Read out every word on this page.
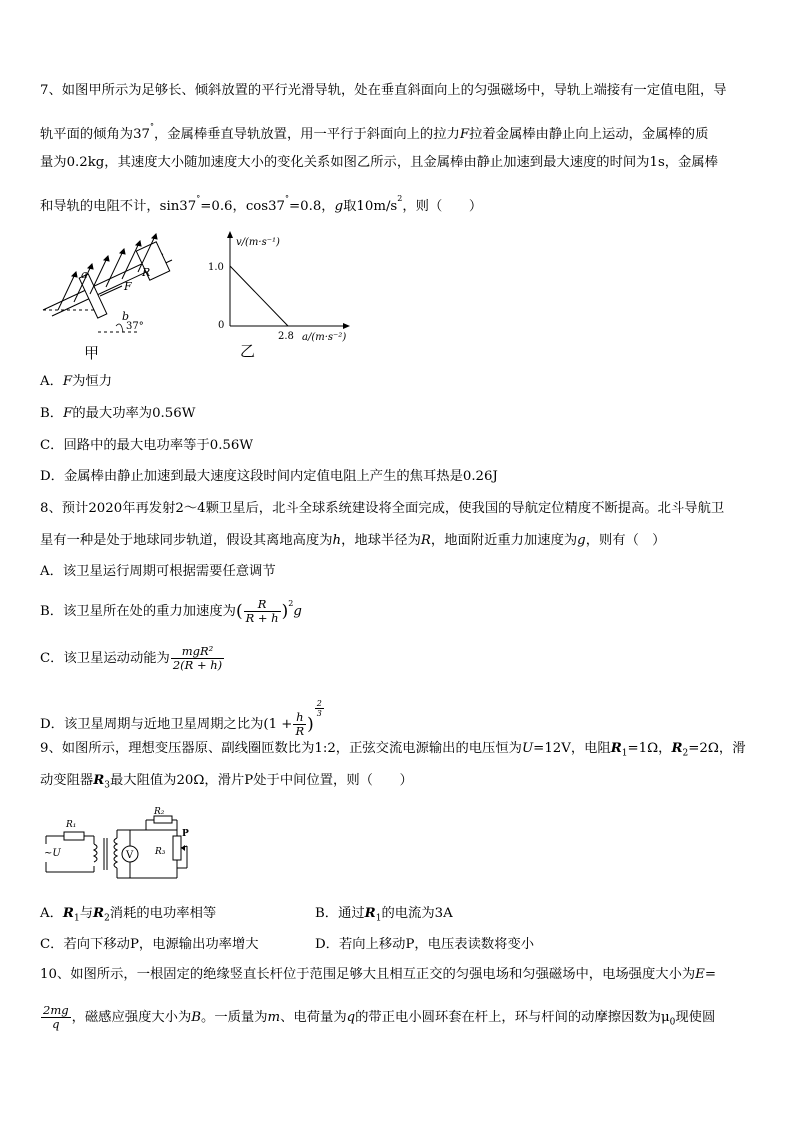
7、如图甲所示为足够长、倾斜放置的平行光滑导轨，处在垂直斜面向上的匀强磁场中，导轨上端接有一定值电阻，导
轨平面的倾角为37°，金属棒垂直导轨放置，用一平行于斜面向上的拉力F拉着金属棒由静止向上运动，金属棒的质
量为0.2kg，其速度大小随加速度大小的变化关系如图乙所示，且金属棒由静止加速到最大速度的时间为1s，金属棒
和导轨的电阻不计，sin37°=0.6，cos37°=0.8，g取$10m/s^2$，则（　　）
a
b
R
F
37°
甲
v/(m·s⁻¹)
a/(m·s⁻²)
1.0
2.8
0
乙
A．F为恒力
B．F的最大功率为0.56W
C．回路中的最大电功率等于0.56W
D．金属棒由静止加速到最大速度这段时间内定值电阻上产生的焦耳热是0.26J
8、预计2020年再发射2～4颗卫星后，北斗全球系统建设将全面完成，使我国的导航定位精度不断提高。北斗导航卫
星有一种是处于地球同步轨道，假设其离地高度为h，地球半径为R，地面附近重力加速度为g，则有（　）
A．该卫星运行周期可根据需要任意调节
B．该卫星所在处的重力加速度为( $\frac{R}{R + h} )^2g$
C．该卫星运动动能为 $\frac{\text{mgR²}}{2(R + h)}$
D．该卫星周期与近地卫星周期之比为($1 + \frac{h}{R}$ )
$\frac{2}{3}$
9、如图所示，理想变压器原、副线圈匝数比为1:2，正弦交流电源输出的电压恒为U=12V，电阻$R_1=1\Omega$，$R_2=2\Omega$，滑
动变阻器$R_3$最大阻值为20Ω，滑片P处于中间位置，则（　　）
R₁
R₂
R₃
P
~U	V
A．$R_1$与$R_2$消耗的电功率相等	B．通过$R_1$的电流为3A
C．若向下移动P，电源输出功率增大	D．若向上移动P，电压表读数将变小
10、如图所示，一根固定的绝缘竖直长杆位于范围足够大且相互正交的匀强电场和匀强磁场中，电场强度大小为E=
$\frac{2mg}{q}$ ，磁感应强度大小为B。一质量为m、电荷量为q的带正电小圆环套在杆上，环与杆间的动摩擦因数为$\mu_0$现使圆
